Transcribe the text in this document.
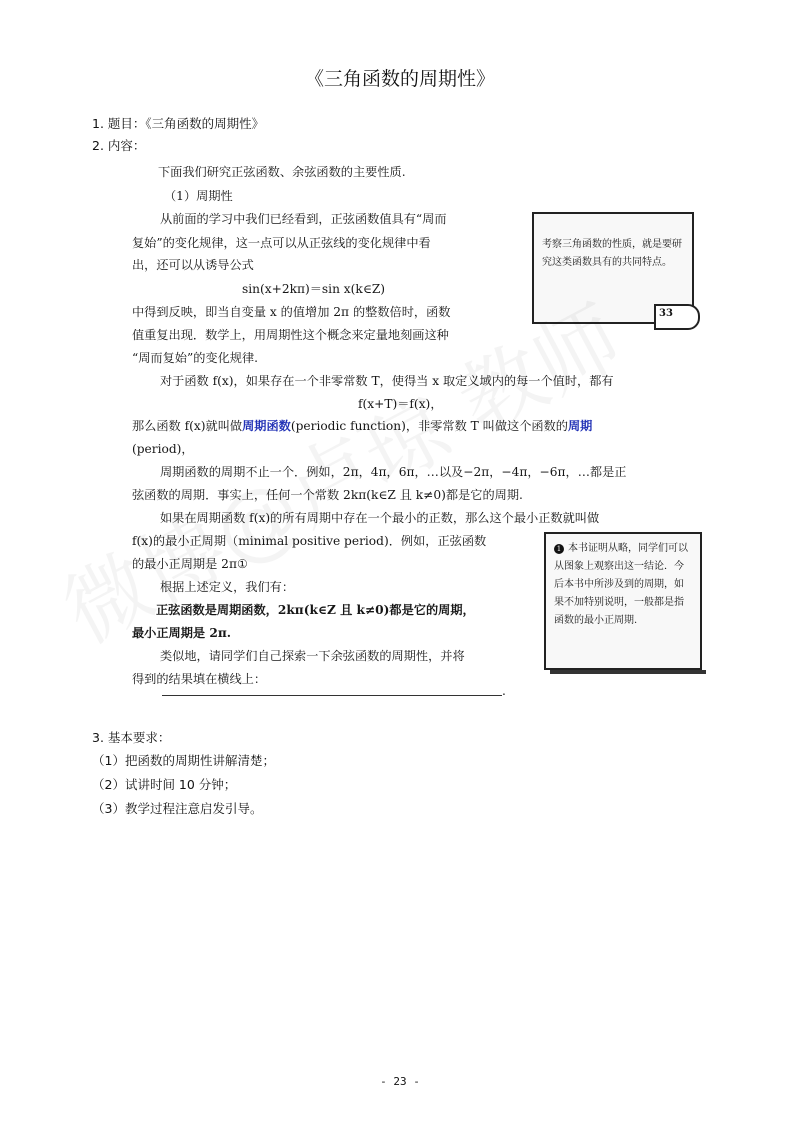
《三角函数的周期性》
1. 题目：《三角函数的周期性》
2. 内容：
下面我们研究正弦函数、余弦函数的主要性质.
（1）周期性
从前面的学习中我们已经看到，正弦函数值具有“周而
复始”的变化规律，这一点可以从正弦线的变化规律中看
出，还可以从诱导公式
sin(x+2kπ)＝sin x(k∈Z)
中得到反映，即当自变量 x 的值增加 2π 的整数倍时，函数
值重复出现．数学上，用周期性这个概念来定量地刻画这种
“周而复始”的变化规律.
对于函数 f(x)，如果存在一个非零常数 T，使得当 x 取定义域内的每一个值时，都有
f(x+T)＝f(x)，
那么函数 f(x)就叫做周期函数(periodic function)，非零常数 T 叫做这个函数的周期
(period)，
周期函数的周期不止一个．例如，2π，4π，6π，…以及−2π，−4π，−6π，…都是正
弦函数的周期．事实上，任何一个常数 2kπ(k∈Z 且 k≠0)都是它的周期.
如果在周期函数 f(x)的所有周期中存在一个最小的正数，那么这个最小正数就叫做
f(x)的最小正周期（minimal positive period)．例如，正弦函数
的最小正周期是 2π①
根据上述定义，我们有：
正弦函数是周期函数，2kπ(k∈Z 且 k≠0)都是它的周期，
最小正周期是 2π.
类似地，请同学们自己探索一下余弦函数的周期性，并将
得到的结果填在横线上：
.
考察三角函数的性质，就是要研究这类函数具有的共同特点。
33
1 本书证明从略，同学们可以从图象上观察出这一结论．今后本书中所涉及到的周期，如果不加特别说明，一般都是指函数的最小正周期.
3. 基本要求：
（1）把函数的周期性讲解清楚；
（2）试讲时间 10 分钟；
（3）教学过程注意启发引导。
- 23 -
